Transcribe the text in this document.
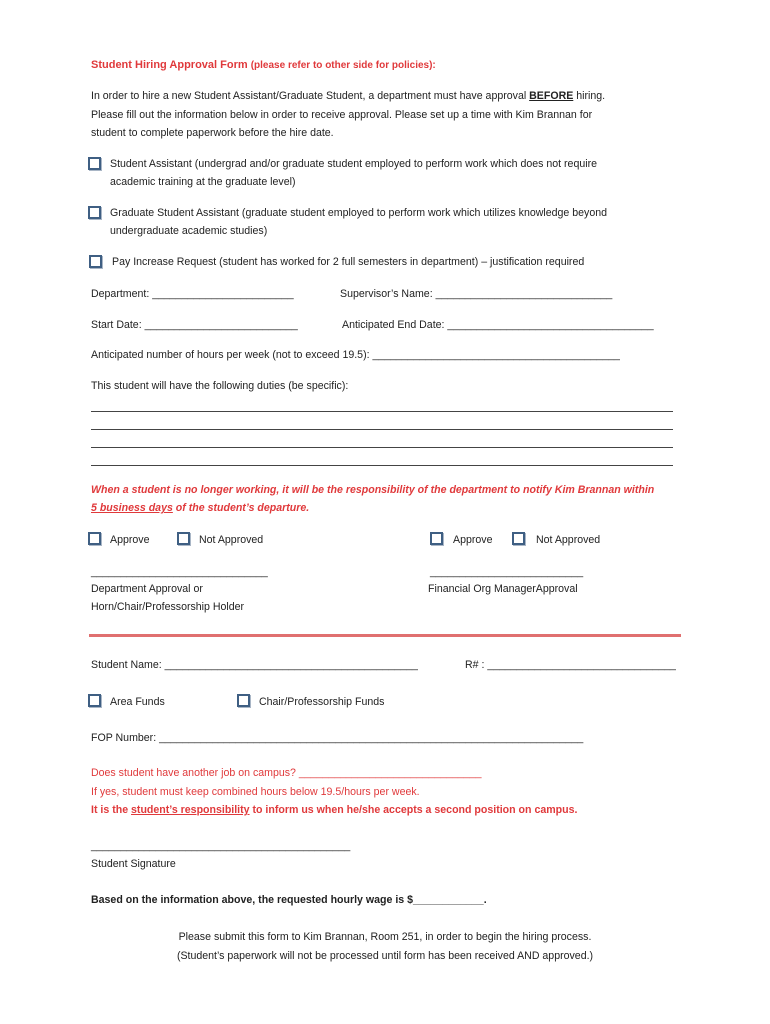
Student Hiring Approval Form (please refer to other side for policies):
In order to hire a new Student Assistant/Graduate Student, a department must have approval BEFORE hiring.
Please fill out the information below in order to receive approval. Please set up a time with Kim Brannan for
student to complete paperwork before the hire date.
Student Assistant (undergrad and/or graduate student employed to perform work which does not require
academic training at the graduate level)
Graduate Student Assistant (graduate student employed to perform work which utilizes knowledge beyond
undergraduate academic studies)
Pay Increase Request (student has worked for 2 full semesters in department) – justification required
Department: ________________________	Supervisor’s Name: ______________________________
Start Date: __________________________	Anticipated End Date: ___________________________________
Anticipated number of hours per week (not to exceed 19.5): __________________________________________
This student will have the following duties (be specific):
When a student is no longer working, it will be the responsibility of the department to notify Kim Brannan within
5 business days of the student’s departure.
Approve	Not Approved	Approve	Not Approved
______________________________	__________________________
Department Approval or
Horn/Chair/Professorship Holder
Financial Org ManagerApproval
Student Name: ___________________________________________	R# : ________________________________
Area Funds	Chair/Professorship Funds
FOP Number: ________________________________________________________________________
Does student have another job on campus? _______________________________
If yes, student must keep combined hours below 19.5/hours per week.
It is the student’s responsibility to inform us when he/she accepts a second position on campus.
____________________________________________
Student Signature
Based on the information above, the requested hourly wage is $____________.
Please submit this form to Kim Brannan, Room 251, in order to begin the hiring process.
(Student’s paperwork will not be processed until form has been received AND approved.)
